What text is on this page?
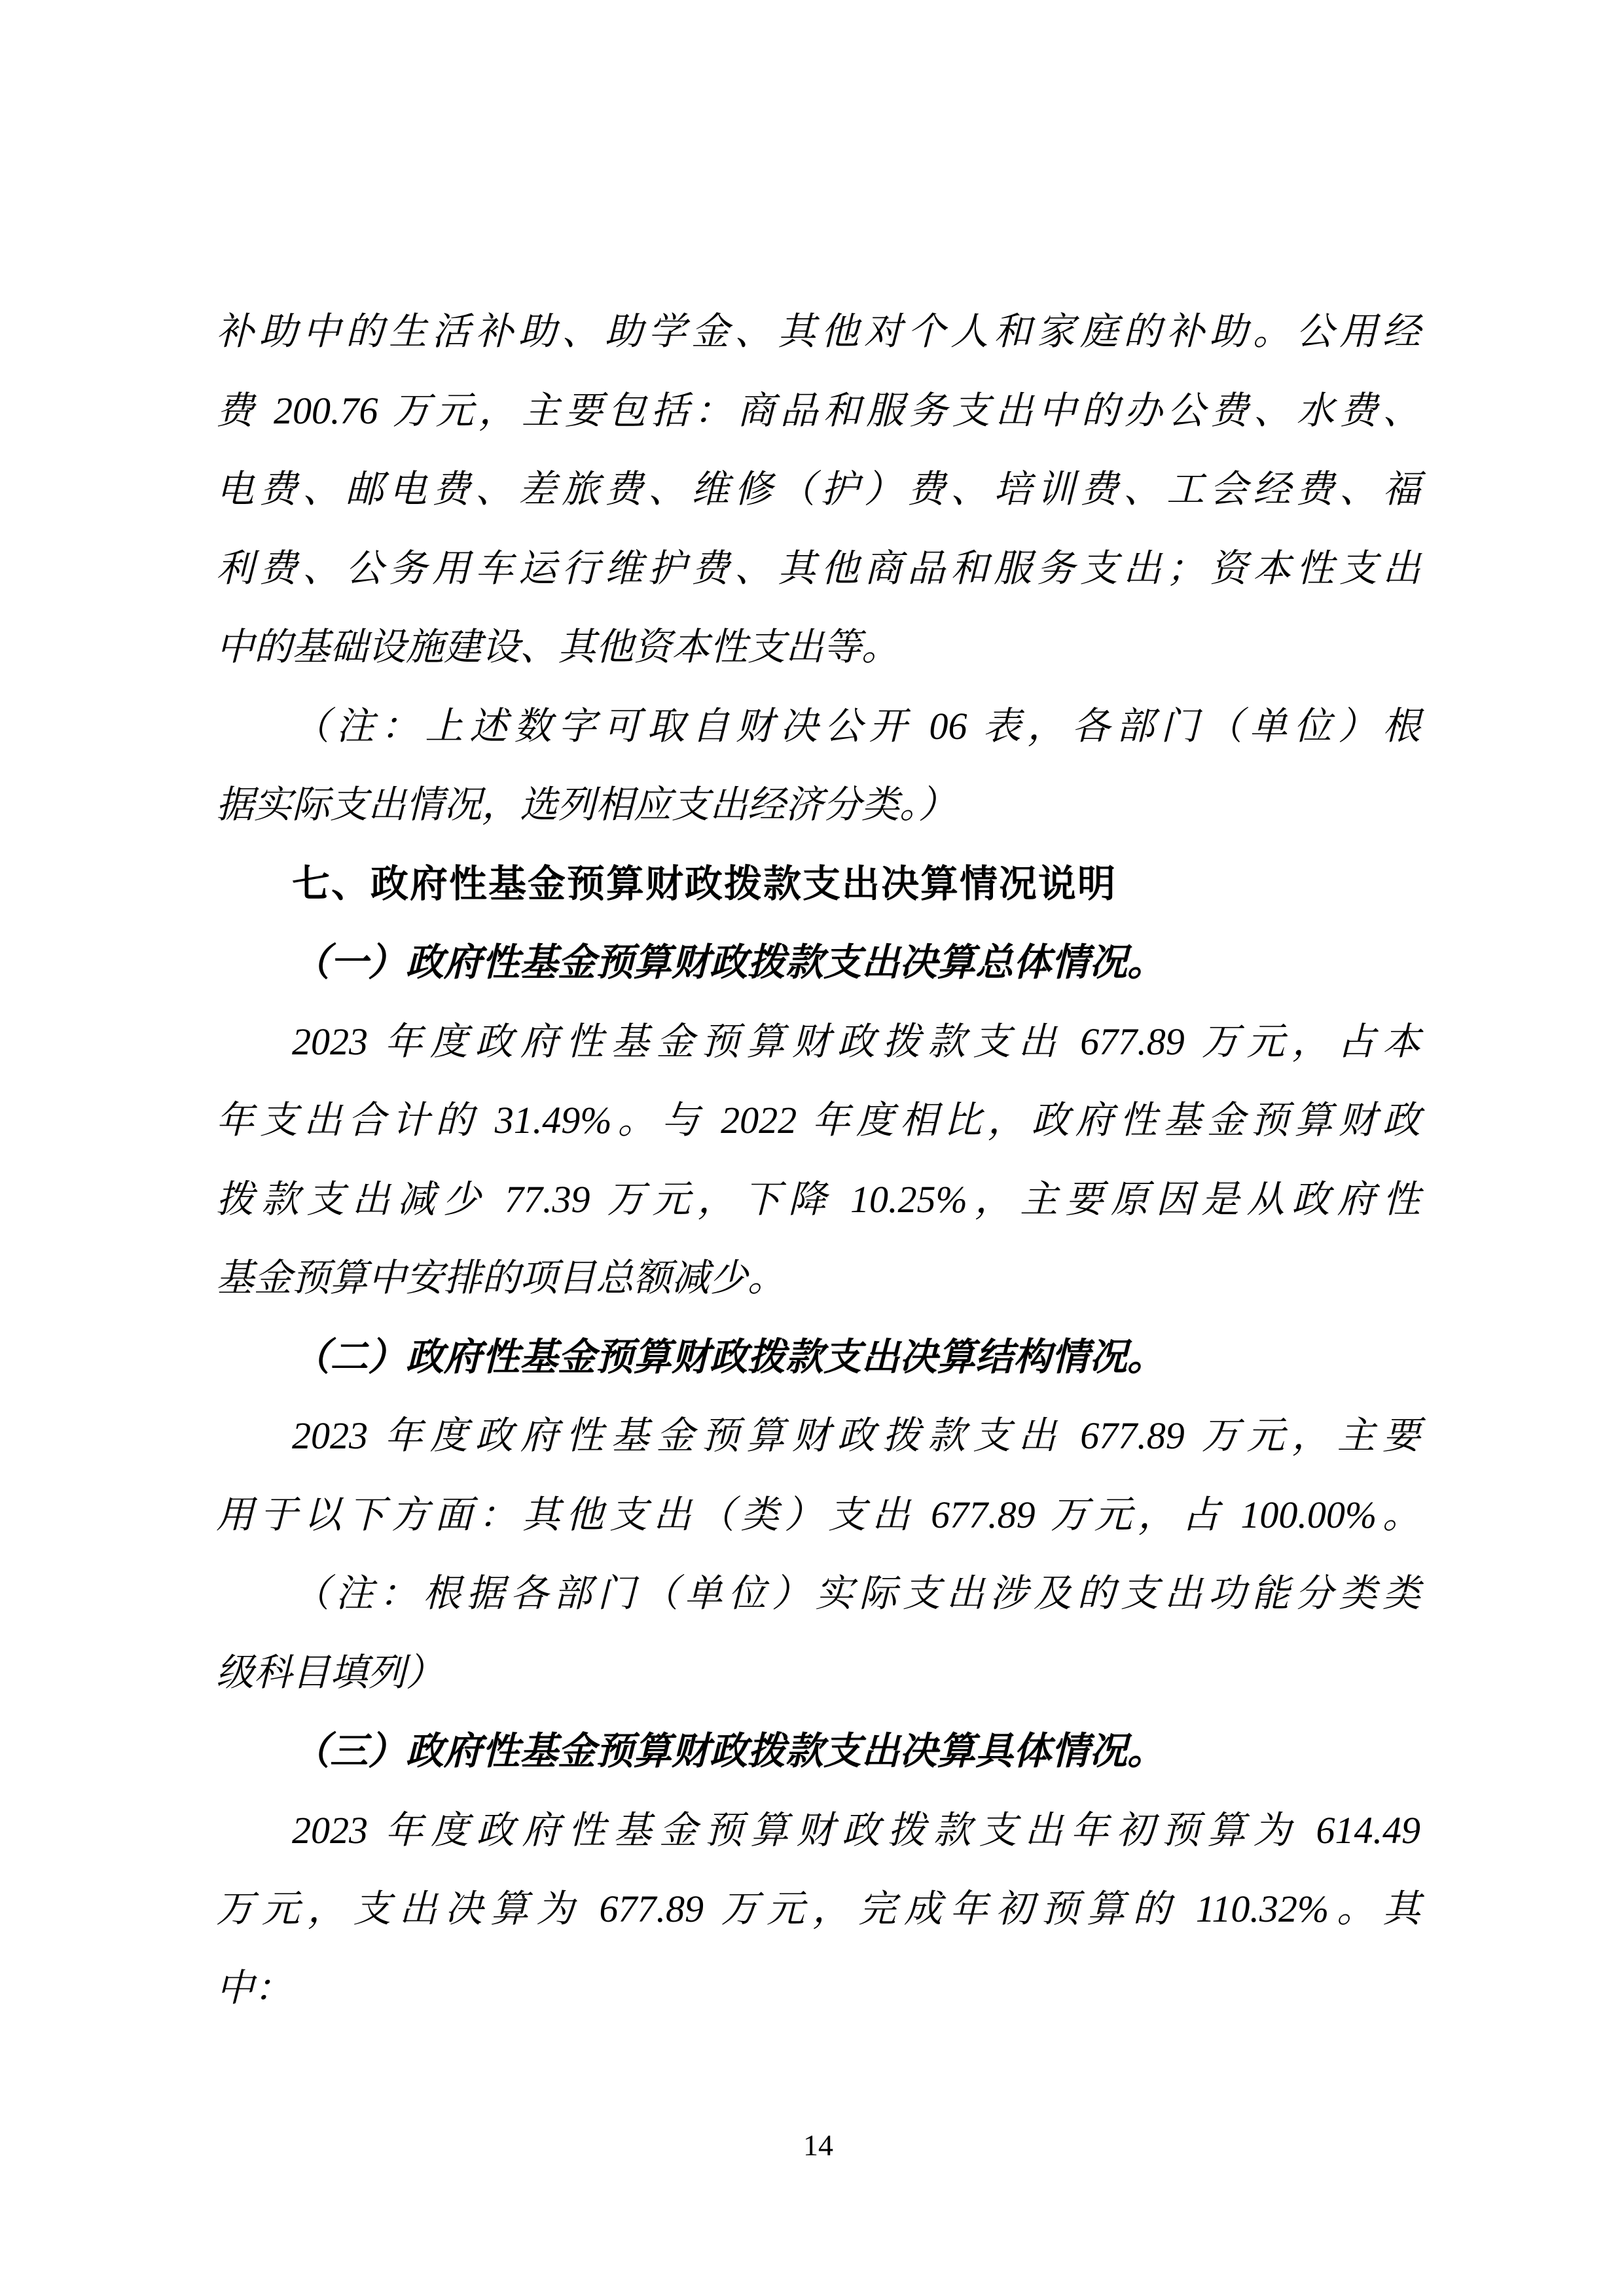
补助中的生活补助、助学金、其他对个人和家庭的补助。公用经
费 200.76 万元，主要包括：商品和服务支出中的办公费、水费、
电费、邮电费、差旅费、维修（护）费、培训费、工会经费、福
利费、公务用车运行维护费、其他商品和服务支出；资本性支出
中的基础设施建设、其他资本性支出等。
（注：上述数字可取自财决公开 06 表，各部门（单位）根
据实际支出情况，选列相应支出经济分类。）
七、政府性基金预算财政拨款支出决算情况说明
（一）政府性基金预算财政拨款支出决算总体情况。
2023 年度政府性基金预算财政拨款支出 677.89 万元，占本
年支出合计的 31.49%。与 2022 年度相比，政府性基金预算财政
拨款支出减少 77.39 万元，下降 10.25%，主要原因是从政府性
基金预算中安排的项目总额减少。
（二）政府性基金预算财政拨款支出决算结构情况。
2023 年度政府性基金预算财政拨款支出 677.89 万元，主要
用于以下方面：其他支出（类）支出 677.89 万元，占 100.00%。
（注：根据各部门（单位）实际支出涉及的支出功能分类类
级科目填列）
（三）政府性基金预算财政拨款支出决算具体情况。
2023 年度政府性基金预算财政拨款支出年初预算为 614.49
万元，支出决算为 677.89 万元，完成年初预算的 110.32%。其
中：
14
